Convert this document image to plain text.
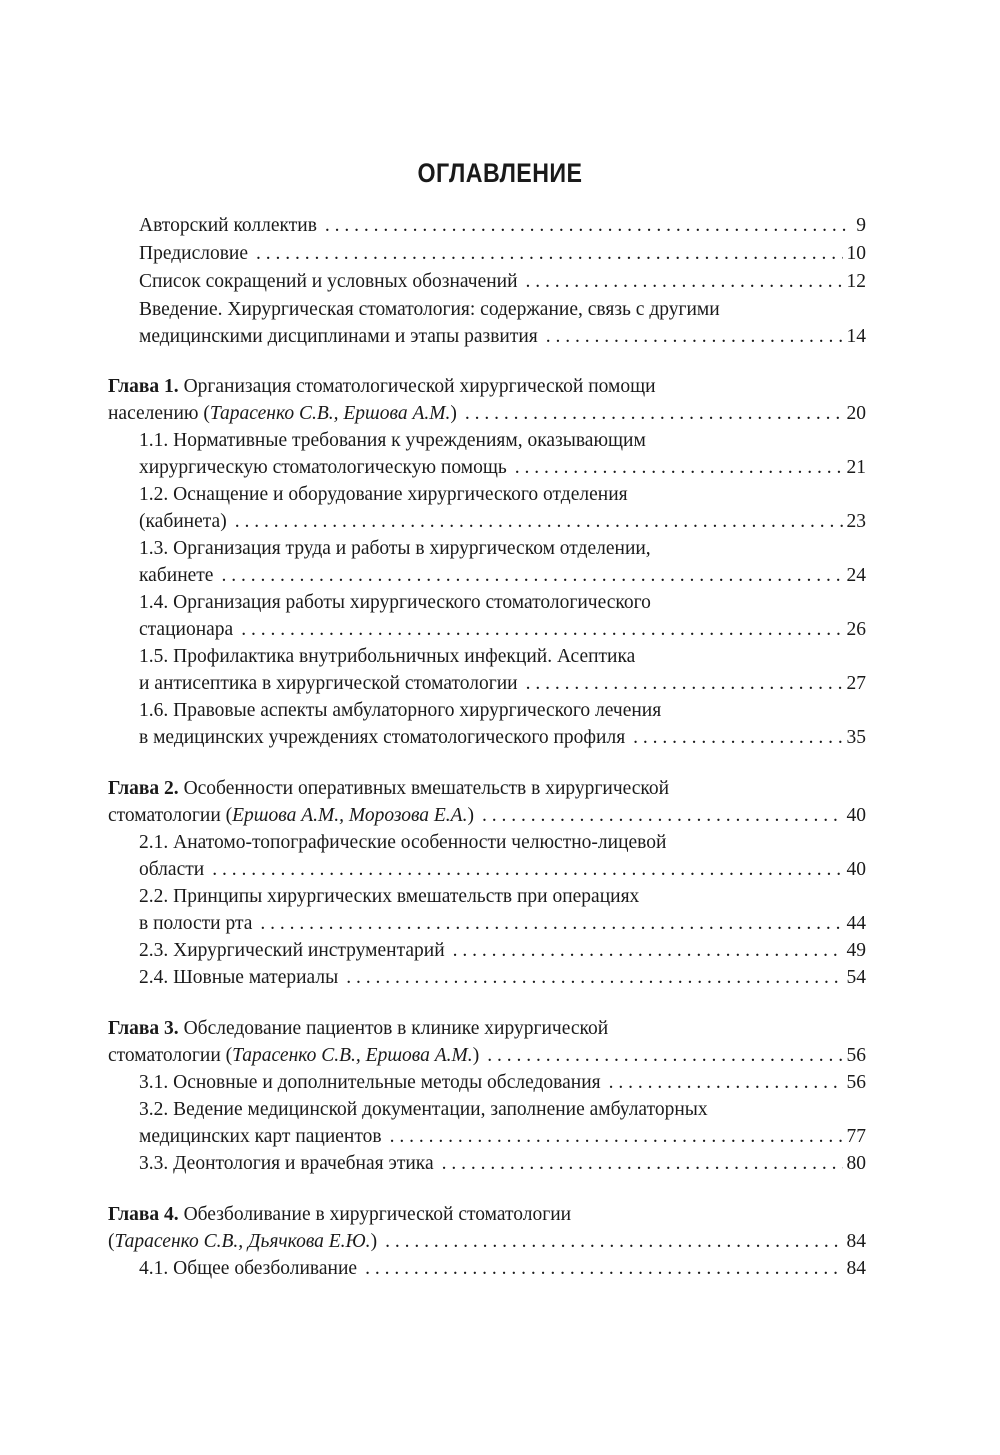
ОГЛАВЛЕНИЕ
Авторский коллектив . . .	9
Предисловие . . .	10
Список сокращений и условных обозначений . . .	12
Введение. Хирургическая стоматология: содержание, связь с другими
медицинскими дисциплинами и этапы развития . . .	14
Глава 1. Организация стоматологической хирургической помощи
населению (Тарасенко С.В., Ершова А.М.) . . .	20
1.1. Нормативные требования к учреждениям, оказывающим
хирургическую стоматологическую помощь . . .	21
1.2. Оснащение и оборудование хирургического отделения
(кабинета) . . .	23
1.3. Организация труда и работы в хирургическом отделении,
кабинете . . .	24
1.4. Организация работы хирургического стоматологического
стационара . . .	26
1.5. Профилактика внутрибольничных инфекций. Асептика
и антисептика в хирургической стоматологии . . .	27
1.6. Правовые аспекты амбулаторного хирургического лечения
в медицинских учреждениях стоматологического профиля . . .	35
Глава 2. Особенности оперативных вмешательств в хирургической
стоматологии (Ершова А.М., Морозова Е.А.) . . .	40
2.1. Анатомо-топографические особенности челюстно-лицевой
области . . .	40
2.2. Принципы хирургических вмешательств при операциях
в полости рта . . .	44
2.3. Хирургический инструментарий . . .	49
2.4. Шовные материалы . . .	54
Глава 3. Обследование пациентов в клинике хирургической
стоматологии (Тарасенко С.В., Ершова А.М.) . . .	56
3.1. Основные и дополнительные методы обследования . . .	56
3.2. Ведение медицинской документации, заполнение амбулаторных
медицинских карт пациентов . . .	77
3.3. Деонтология и врачебная этика . . .	80
Глава 4. Обезболивание в хирургической стоматологии
(Тарасенко С.В., Дьячкова Е.Ю.) . . .	84
4.1. Общее обезболивание . . .	84
